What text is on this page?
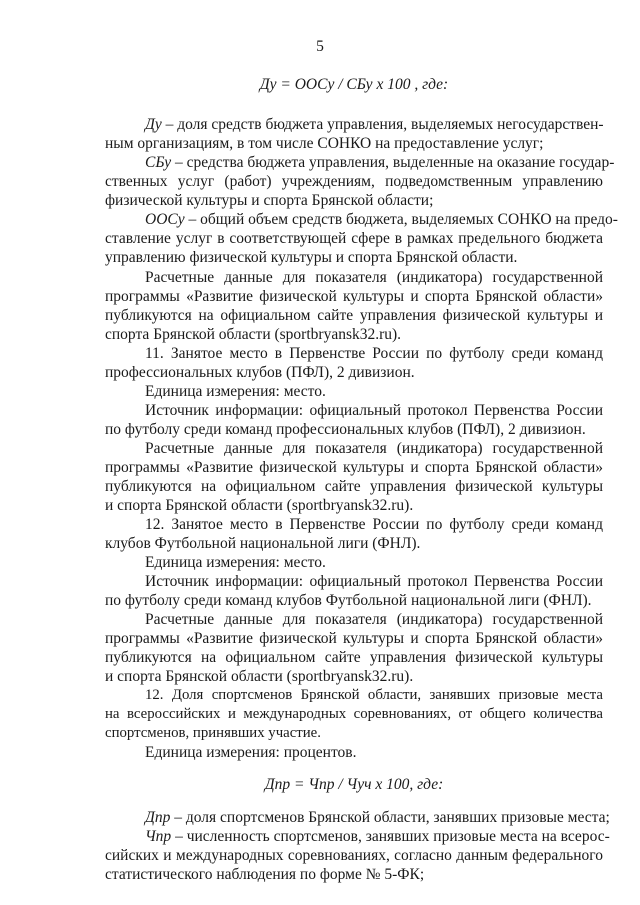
5
Ду = ООСу / СБу х 100 , где:
Ду – доля средств бюджета управления, выделяемых негосударствен-
ным организациям, в том числе СОНКО на предоставление услуг;
СБу – средства бюджета управления, выделенные на оказание государ-
ственных услуг (работ) учреждениям, подведомственным управлению
физической культуры и спорта Брянской области;
ООСу – общий объем средств бюджета, выделяемых СОНКО на предо-
ставление услуг в соответствующей сфере в рамках предельного бюджета
управлению физической культуры и спорта Брянской области.
Расчетные данные для показателя (индикатора) государственной
программы «Развитие физической культуры и спорта Брянской области»
публикуются на официальном сайте управления физической культуры и
спорта Брянской области (sportbryansk32.ru).
11. Занятое место в Первенстве России по футболу среди команд
профессиональных клубов (ПФЛ), 2 дивизион.
Единица измерения: место.
Источник информации: официальный протокол Первенства России
по футболу среди команд профессиональных клубов (ПФЛ), 2 дивизион.
Расчетные данные для показателя (индикатора) государственной
программы «Развитие физической культуры и спорта Брянской области»
публикуются на официальном сайте управления физической культуры
и спорта Брянской области (sportbryansk32.ru).
12. Занятое место в Первенстве России по футболу среди команд
клубов Футбольной национальной лиги (ФНЛ).
Единица измерения: место.
Источник информации: официальный протокол Первенства России
по футболу среди команд клубов Футбольной национальной лиги (ФНЛ).
Расчетные данные для показателя (индикатора) государственной
программы «Развитие физической культуры и спорта Брянской области»
публикуются на официальном сайте управления физической культуры
и спорта Брянской области (sportbryansk32.ru).
12. Доля спортсменов Брянской области, занявших призовые места
на всероссийских и международных соревнованиях, от общего количества
спортсменов, принявших участие.
Единица измерения: процентов.
Дпр = Чпр / Чуч х 100, где:
Дпр – доля спортсменов Брянской области, занявших призовые места;
Чпр – численность спортсменов, занявших призовые места на всерос-
сийских и международных соревнованиях, согласно данным федерального
статистического наблюдения по форме № 5-ФК;
